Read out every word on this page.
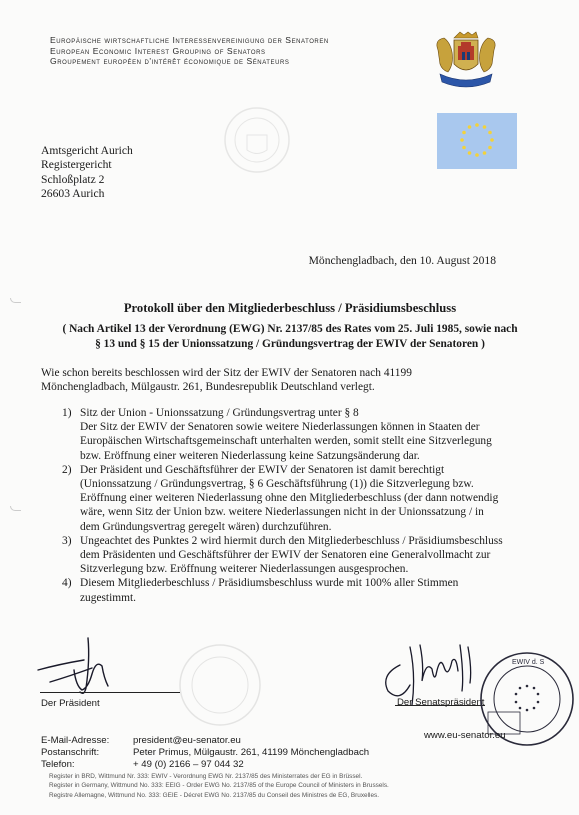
Europäische wirtschaftliche Interessenvereinigung der Senatoren
European Economic Interest Grouping of Senators
Groupement européen d'intérêt économique de Sénateurs
Amtsgericht Aurich
Registergericht
Schloßplatz 2
26603 Aurich
Mönchengladbach, den 10. August 2018
Protokoll über den Mitgliederbeschluss / Präsidiumsbeschluss
( Nach Artikel 13 der Verordnung (EWG) Nr. 2137/85 des Rates vom 25. Juli 1985, sowie nach
§ 13 und § 15 der Unionssatzung / Gründungsvertrag der EWIV der Senatoren )
Wie schon bereits beschlossen wird der Sitz der EWIV der Senatoren nach 41199
Mönchengladbach, Mülgaustr. 261, Bundesrepublik Deutschland verlegt.
1) Sitz der Union - Unionssatzung / Gründungsvertrag unter § 8
Der Sitz der EWIV der Senatoren sowie weitere Niederlassungen können in Staaten der
Europäischen Wirtschaftsgemeinschaft unterhalten werden, somit stellt eine Sitzverlegung
bzw. Eröffnung einer weiteren Niederlassung keine Satzungsänderung dar.
2) Der Präsident und Geschäftsführer der EWIV der Senatoren ist damit berechtigt
(Unionssatzung / Gründungsvertrag, § 6 Geschäftsführung (1)) die Sitzverlegung bzw.
Eröffnung einer weiteren Niederlassung ohne den Mitgliederbeschluss (der dann notwendig
wäre, wenn Sitz der Union bzw. weitere Niederlassungen nicht in der Unionssatzung / in
dem Gründungsvertrag geregelt wären) durchzuführen.
3) Ungeachtet des Punktes 2 wird hiermit durch den Mitgliederbeschluss / Präsidiumsbeschluss
dem Präsidenten und Geschäftsführer der EWIV der Senatoren eine Generalvollmacht zur
Sitzverlegung bzw. Eröffnung weiterer Niederlassungen ausgesprochen.
4) Diesem Mitgliederbeschluss / Präsidiumsbeschluss wurde mit 100% aller Stimmen
zugestimmt.
Der Präsident	Der Senatspräsident
EWIV d. S
E-Mail-Adresse:	president@eu-senator.eu
Postanschrift:	Peter Primus, Mülgaustr. 261, 41199 Mönchengladbach
Telefon:	+ 49 (0) 2166 – 97 044 32
www.eu-senator.eu
Register in BRD, Wittmund Nr. 333: EWIV - Verordnung EWG Nr. 2137/85 des Ministerrates der EG in Brüssel.
Register in Germany, Wittmund No. 333: EEIG - Order EWG No. 2137/85 of the Europe Council of Ministers in Brussels.
Registre Allemagne, Wittmund No. 333: GEIE - Décret EWG No. 2137/85 du Conseil des Ministres de EG, Bruxelles.
